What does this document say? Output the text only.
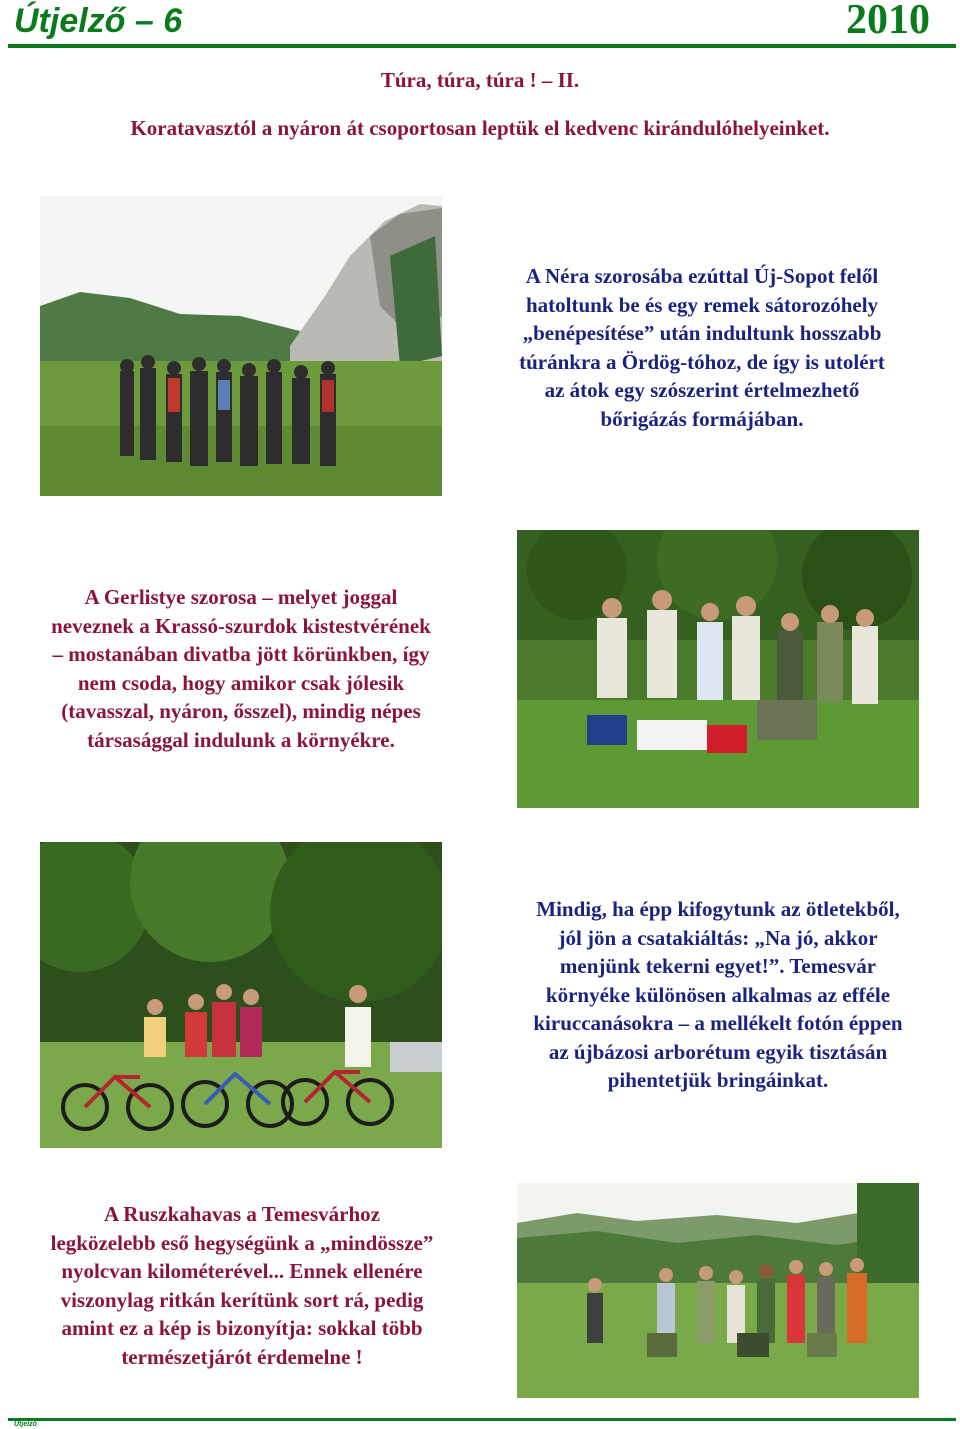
Útjelző – 6	2010
Túra, túra, túra ! – II.
Koratavasztól a nyáron át csoportosan leptük el kedvenc kirándulóhelyeinket.
A Néra szorosába ezúttal Új-Sopot felől
hatoltunk be és egy remek sátorozóhely
„benépesítése” után indultunk hosszabb
túránkra a Ördög-tóhoz, de így is utolért
az átok egy szószerint értelmezhető
bőrigázás formájában.
A Gerlistye szorosa – melyet joggal
neveznek a Krassó-szurdok kistestvérének
– mostanában divatba jött körünkben, így
nem csoda, hogy amikor csak jólesik
(tavasszal, nyáron, ősszel), mindig népes
társasággal indulunk a környékre.
Mindig, ha épp kifogytunk az ötletekből,
jól jön a csatakiáltás: „Na jó, akkor
menjünk tekerni egyet!”. Temesvár
környéke különösen alkalmas az efféle
kiruccanásokra – a mellékelt fotón éppen
az újbázosi arborétum egyik tisztásán
pihentetjük bringáinkat.
A Ruszkahavas a Temesvárhoz
legközelebb eső hegységünk a „mindössze”
nyolcvan kilométerével... Ennek ellenére
viszonylag ritkán kerítünk sort rá, pedig
amint ez a kép is bizonyítja: sokkal több
természetjárót érdemelne !
Útjelző
